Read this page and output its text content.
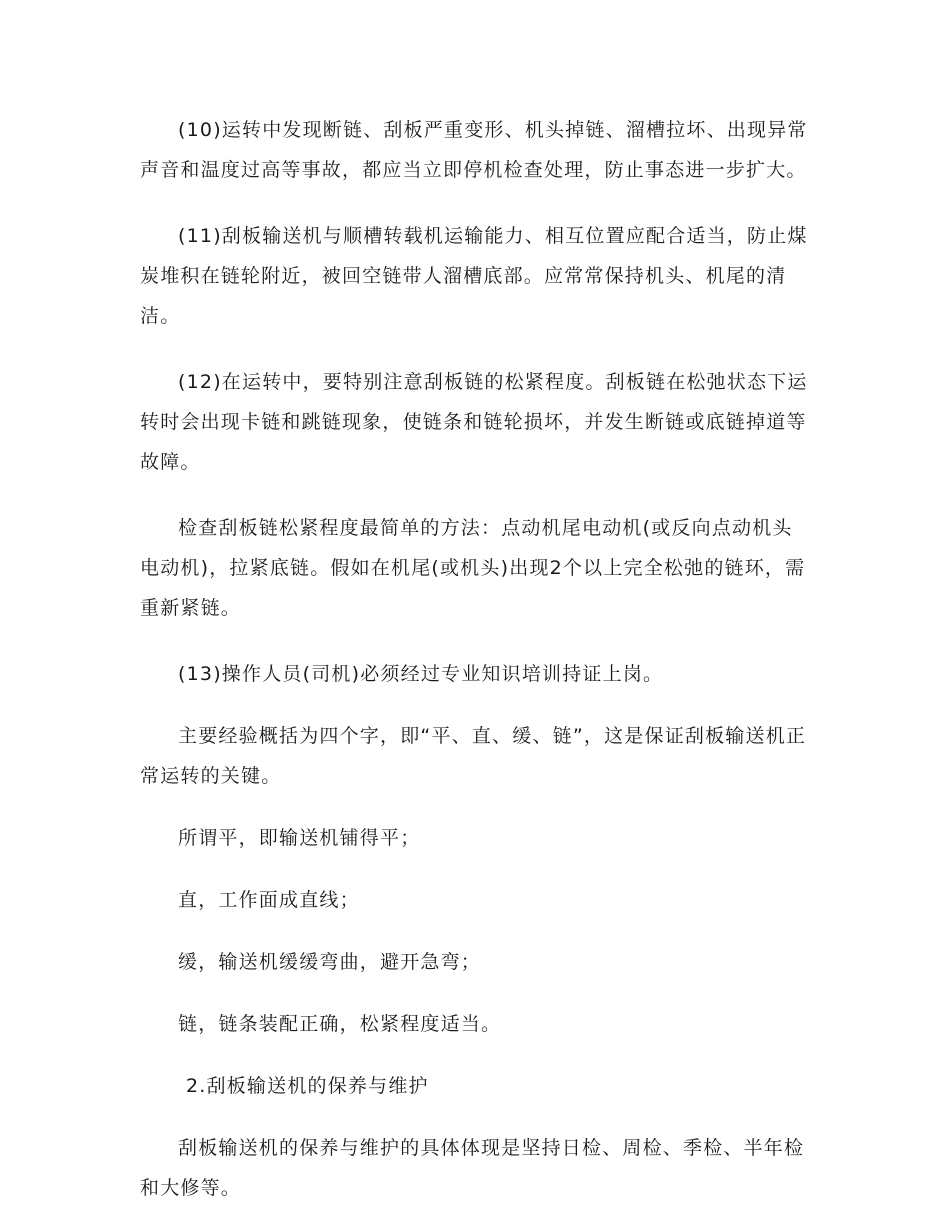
(10)运转中发现断链、刮板严重变形、机头掉链、溜槽拉坏、出现异常声音和温度过高等事故，都应当立即停机检查处理，防止事态进一步扩大。

(11)刮板输送机与顺槽转载机运输能力、相互位置应配合适当，防止煤炭堆积在链轮附近，被回空链带人溜槽底部。应常常保持机头、机尾的清洁。

(12)在运转中，要特别注意刮板链的松紧程度。刮板链在松弛状态下运转时会出现卡链和跳链现象，使链条和链轮损坏，并发生断链或底链掉道等故障。

检查刮板链松紧程度最简单的方法：点动机尾电动机(或反向点动机头电动机)，拉紧底链。假如在机尾(或机头)出现2个以上完全松弛的链环，需重新紧链。

(13)操作人员(司机)必须经过专业知识培训持证上岗。

主要经验概括为四个字，即“平、直、缓、链”，这是保证刮板输送机正常运转的关键。

所谓平，即输送机铺得平；

直，工作面成直线；

缓，输送机缓缓弯曲，避开急弯；

链，链条装配正确，松紧程度适当。

2.刮板输送机的保养与维护

刮板输送机的保养与维护的具体体现是坚持日检、周检、季检、半年检和大修等。
